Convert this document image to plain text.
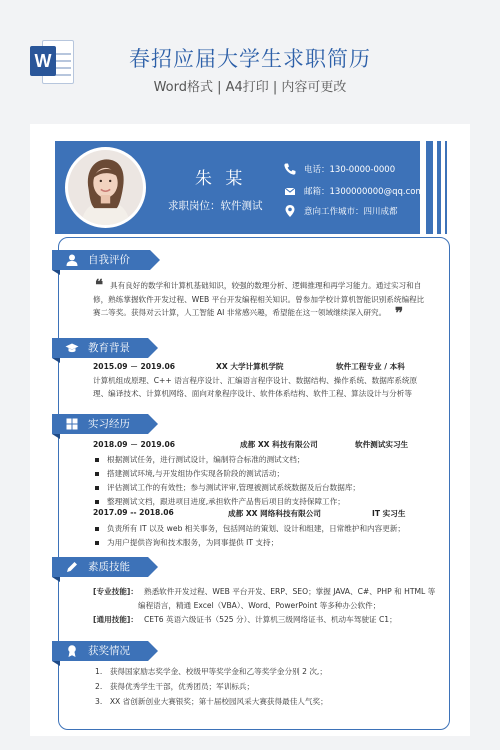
W	春招应届大学生求职简历
Word格式 | A4打印 | 内容可更改
朱 某
求职岗位：软件测试
电话：130-0000-0000
邮箱：1300000000@qq.com
意向工作城市：四川成都
自我评价
❝ 具有良好的数学和计算机基础知识，较强的数理分析、逻辑推理和再学习能力。通过实习和自
修，熟练掌握软件开发过程、WEB 平台开发编程相关知识。曾参加学校计算机智能识别系统编程比
赛二等奖。获得对云计算，人工智能 AI 非常感兴趣，希望能在这一领域继续深入研究。 ❞
教育背景
2015.09 － 2019.06	XX 大学计算机学院	软件工程专业 / 本科
计算机组成原理、C++ 语言程序设计、汇编语言程序设计、数据结构、操作系统、数据库系统原
理、编译技术、计算机网络、面向对象程序设计、软件体系结构、软件工程、算法设计与分析等
实习经历
2018.09 － 2019.06	成都 XX 科技有限公司	软件测试实习生
根据测试任务，进行测试设计，编制符合标准的测试文档；
搭建测试环境,与开发组协作实现各阶段的测试活动；
评估测试工作的有效性；参与测试评审,管理被测试系统数据及后台数据库；
整理测试文档，跟进项目进度,承担软件产品售后项目的支持保障工作；
2017.09 -- 2018.06	成都 XX 网络科技有限公司	IT 实习生
负责所有 IT 以及 web 相关事务，包括网站的策划、设计和组建，日常维护和内容更新；
为用户提供咨询和技术服务，为同事提供 IT 支持；
素质技能
[专业技能]： 熟悉软件开发过程、WEB 平台开发、ERP、SEO；掌握 JAVA、C#、PHP 和 HTML 等
编程语言，精通 Excel（VBA）、Word、PowerPoint 等多种办公软件；
[通用技能]： CET6 英语六级证书（525 分）、计算机三级网络证书、机动车驾驶证 C1；
获奖情况
1.　获得国家励志奖学金、校级甲等奖学金和乙等奖学金分别 2 次,；
2.　获得优秀学生干部，优秀团员；军训标兵；
3.　XX 省创新创业大赛银奖；第十届校园风采大赛获得最佳人气奖；
